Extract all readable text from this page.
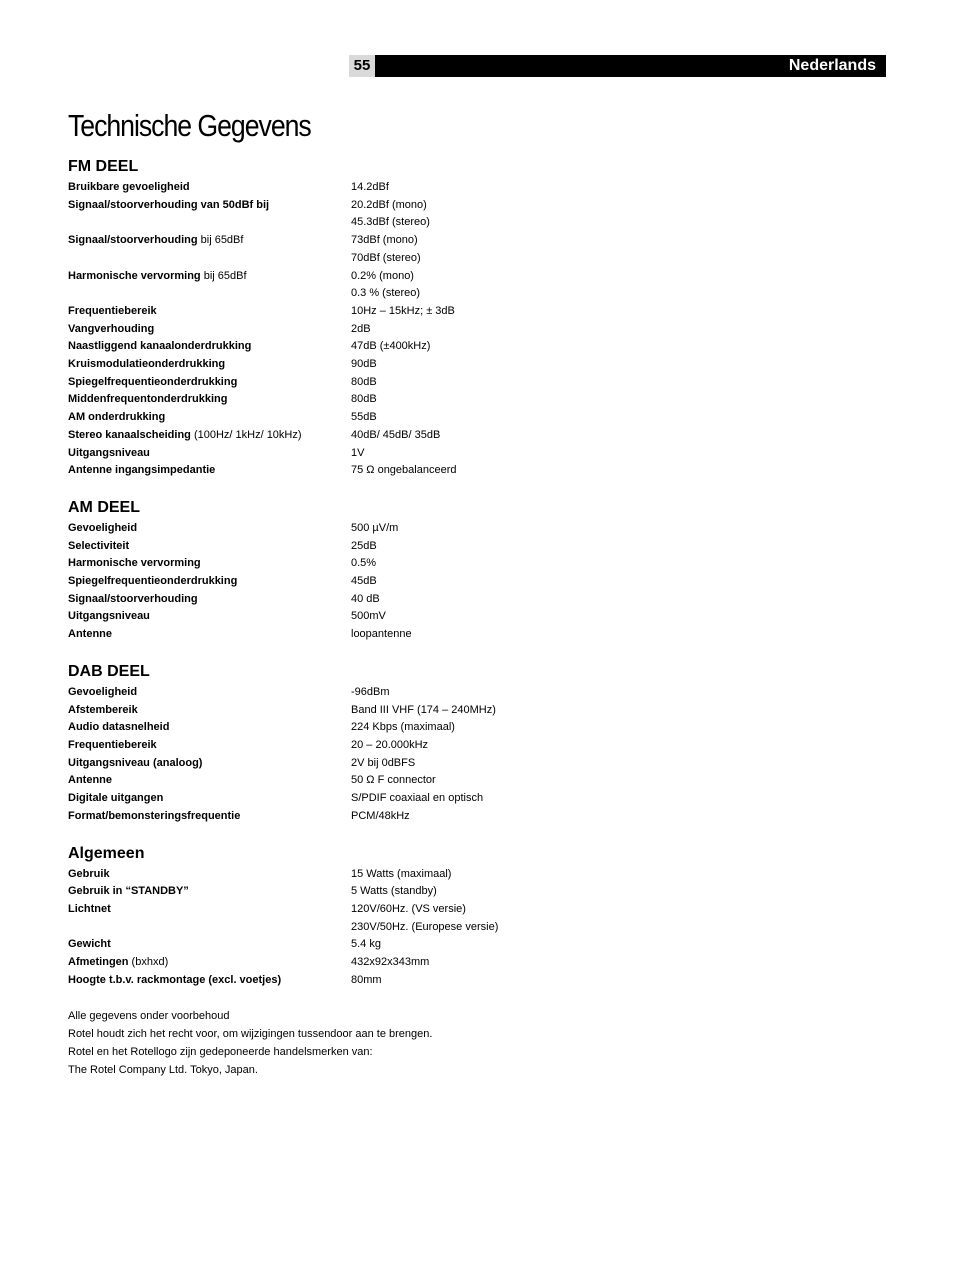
55	Nederlands
Technische Gegevens
FM DEEL
Bruikbare gevoeligheid	14.2dBf
Signaal/stoorverhouding van 50dBf bij	20.2dBf (mono)
45.3dBf (stereo)
Signaal/stoorverhouding bij 65dBf	73dBf (mono)
70dBf (stereo)
Harmonische vervorming bij 65dBf	0.2% (mono)
0.3 % (stereo)
Frequentiebereik	10Hz – 15kHz; ± 3dB
Vangverhouding	2dB
Naastliggend kanaalonderdrukking	47dB (±400kHz)
Kruismodulatieonderdrukking	90dB
Spiegelfrequentieonderdrukking	80dB
Middenfrequentonderdrukking	80dB
AM onderdrukking	55dB
Stereo kanaalscheiding (100Hz/ 1kHz/ 10kHz)	40dB/ 45dB/ 35dB
Uitgangsniveau	1V
Antenne ingangsimpedantie	75 Ω ongebalanceerd
AM DEEL
Gevoeligheid	500 µV/m
Selectiviteit	25dB
Harmonische vervorming	0.5%
Spiegelfrequentieonderdrukking	45dB
Signaal/stoorverhouding	40 dB
Uitgangsniveau	500mV
Antenne	loopantenne
DAB DEEL
Gevoeligheid	-96dBm
Afstembereik	Band III VHF (174 – 240MHz)
Audio datasnelheid	224 Kbps (maximaal)
Frequentiebereik	20 – 20.000kHz
Uitgangsniveau (analoog)	2V bij 0dBFS
Antenne	50 Ω F connector
Digitale uitgangen	S/PDIF coaxiaal en optisch
Format/bemonsteringsfrequentie	PCM/48kHz
Algemeen
Gebruik	15 Watts (maximaal)
Gebruik in “STANDBY”	5 Watts (standby)
Lichtnet	120V/60Hz. (VS versie)
230V/50Hz. (Europese versie)
Gewicht	5.4 kg
Afmetingen (bxhxd)	432x92x343mm
Hoogte t.b.v. rackmontage (excl. voetjes)	80mm
Alle gegevens onder voorbehoud
Rotel houdt zich het recht voor, om wijzigingen tussendoor aan te brengen.
Rotel en het Rotellogo zijn gedeponeerde handelsmerken van:
The Rotel Company Ltd. Tokyo, Japan.
